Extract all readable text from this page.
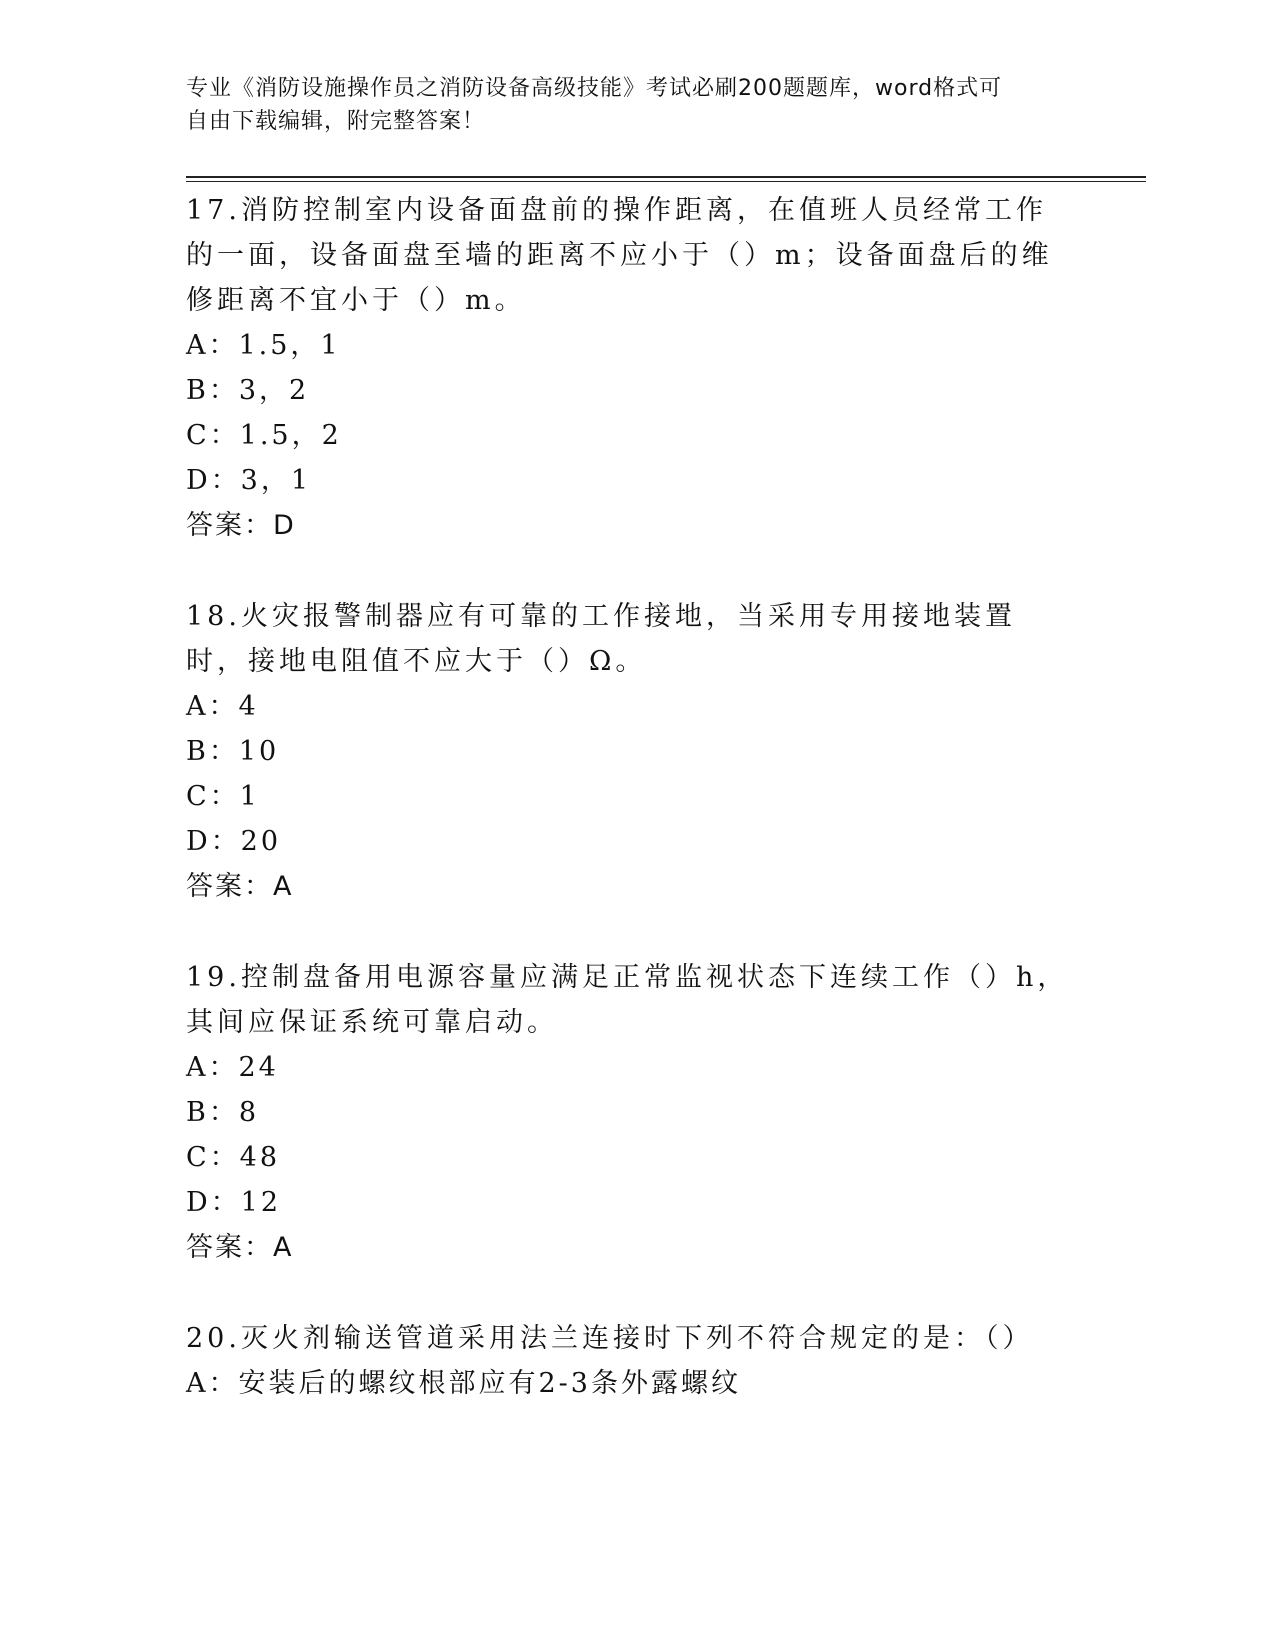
专业《消防设施操作员之消防设备高级技能》考试必刷200题题库，word格式可
自由下载编辑，附完整答案！

17.消防控制室内设备面盘前的操作距离，在值班人员经常工作的一面，设备面盘至墙的距离不应小于（）m；设备面盘后的维修距离不宜小于（）m。

A：1.5，1

B：3，2

C：1.5，2

D：3，1

答案：D

18.火灾报警制器应有可靠的工作接地，当采用专用接地装置时，接地电阻值不应大于（）Ω。

A：4

B：10

C：1

D：20

答案：A

19.控制盘备用电源容量应满足正常监视状态下连续工作（）h，其间应保证系统可靠启动。

A：24

B：8

C：48

D：12

答案：A

20.灭火剂输送管道采用法兰连接时下列不符合规定的是：（）

A：安装后的螺纹根部应有2-3条外露螺纹
